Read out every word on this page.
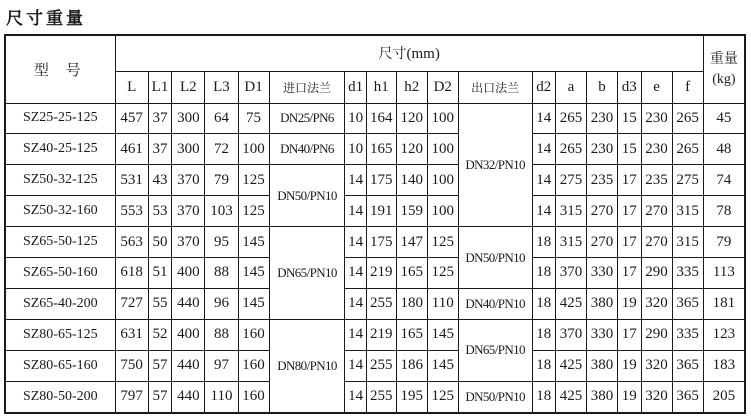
尺寸重量
型 号	尺寸(mm)																	重量
(kg)
	L	L1	L2	L3	D1	进口法兰	d1	h1	h2	D2	出口法兰	d2	a	b	d3	e	f	
SZ25-25-125	457	37	300	64	75	DN25/PN6	10	164	120	100	DN32/PN10	14	265	230	15	230	265	45
SZ40-25-125	461	37	300	72	100	DN40/PN6	10	165	120	100		14	265	230	15	230	265	48
SZ50-32-125	531	43	370	79	125	DN50/PN10	14	175	140	100		14	275	235	17	235	275	74
SZ50-32-160	553	53	370	103	125		14	191	159	100		14	315	270	17	270	315	78
SZ65-50-125	563	50	370	95	145	DN65/PN10	14	175	147	125	DN50/PN10	18	315	270	17	270	315	79
SZ65-50-160	618	51	400	88	145		14	219	165	125		18	370	330	17	290	335	113
SZ65-40-200	727	55	440	96	145		14	255	180	110	DN40/PN10	18	425	380	19	320	365	181
SZ80-65-125	631	52	400	88	160	DN80/PN10	14	219	165	145	DN65/PN10	18	370	330	17	290	335	123
SZ80-65-160	750	57	440	97	160		14	255	186	145		18	425	380	19	320	365	183
SZ80-50-200	797	57	440	110	160		14	255	195	125	DN50/PN10	18	425	380	19	320	365	205
